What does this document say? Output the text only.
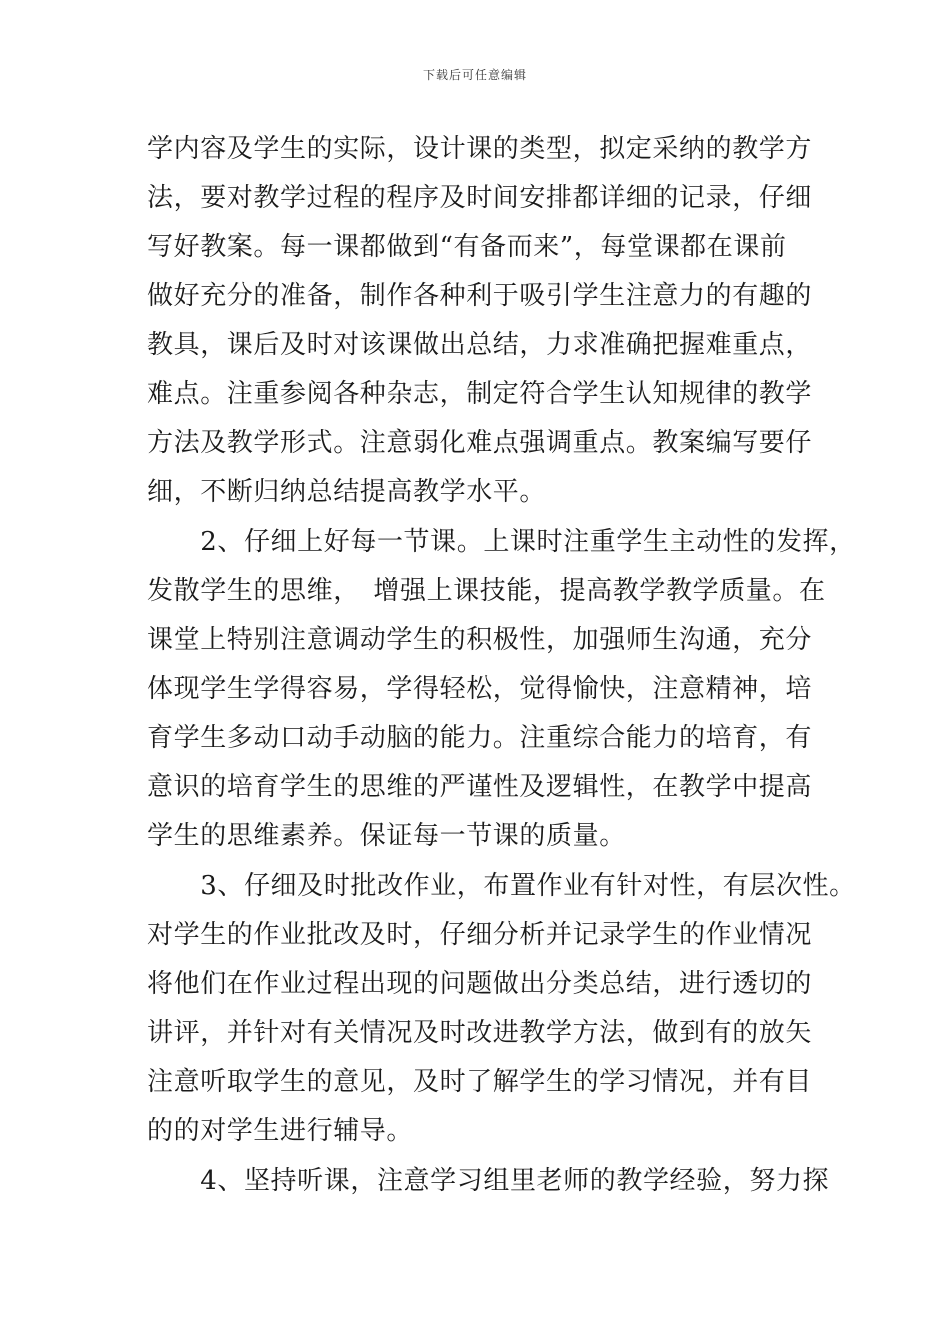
下载后可任意编辑
学内容及学生的实际，设计课的类型，拟定采纳的教学方
法，要对教学过程的程序及时间安排都详细的记录，仔细
写好教案。每一课都做到“有备而来”，每堂课都在课前
做好充分的准备，制作各种利于吸引学生注意力的有趣的
教具，课后及时对该课做出总结，力求准确把握难重点，
难点。注重参阅各种杂志，制定符合学生认知规律的教学
方法及教学形式。注意弱化难点强调重点。教案编写要仔
细，不断归纳总结提高教学水平。
　　2、仔细上好每一节课。上课时注重学生主动性的发挥，
发散学生的思维，　增强上课技能，提高教学教学质量。在
课堂上特别注意调动学生的积极性，加强师生沟通，充分
体现学生学得容易，学得轻松，觉得愉快，注意精神，培
育学生多动口动手动脑的能力。注重综合能力的培育，有
意识的培育学生的思维的严谨性及逻辑性，在教学中提高
学生的思维素养。保证每一节课的质量。
　　3、仔细及时批改作业，布置作业有针对性，有层次性。
对学生的作业批改及时，仔细分析并记录学生的作业情况
将他们在作业过程出现的问题做出分类总结，进行透切的
讲评，并针对有关情况及时改进教学方法，做到有的放矢
注意听取学生的意见，及时了解学生的学习情况，并有目
的的对学生进行辅导。
　　4、坚持听课，注意学习组里老师的教学经验，努力探
